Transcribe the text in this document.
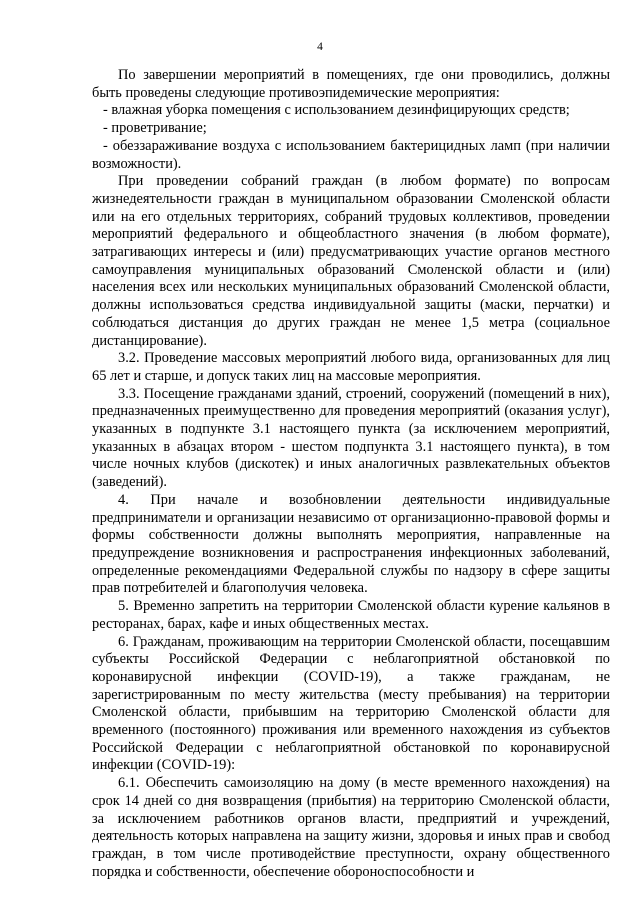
4

По завершении мероприятий в помещениях, где они проводились, должны быть проведены следующие противоэпидемические мероприятия:

- влажная уборка помещения с использованием дезинфицирующих средств;

- проветривание;

- обеззараживание воздуха с использованием бактерицидных ламп (при наличии возможности).

При проведении собраний граждан (в любом формате) по вопросам жизнедеятельности граждан в муниципальном образовании Смоленской области или на его отдельных территориях, собраний трудовых коллективов, проведении мероприятий федерального и общеобластного значения (в любом формате), затрагивающих интересы и (или) предусматривающих участие органов местного самоуправления муниципальных образований Смоленской области и (или) населения всех или нескольких муниципальных образований Смоленской области, должны использоваться средства индивидуальной защиты (маски, перчатки) и соблюдаться дистанция до других граждан не менее 1,5 метра (социальное дистанцирование).

3.2. Проведение массовых мероприятий любого вида, организованных для лиц 65 лет и старше, и допуск таких лиц на массовые мероприятия.

3.3. Посещение гражданами зданий, строений, сооружений (помещений в них), предназначенных преимущественно для проведения мероприятий (оказания услуг), указанных в подпункте 3.1 настоящего пункта (за исключением мероприятий, указанных в абзацах втором - шестом подпункта 3.1 настоящего пункта), в том числе ночных клубов (дискотек) и иных аналогичных развлекательных объектов (заведений).

4. При начале и возобновлении деятельности индивидуальные предприниматели и организации независимо от организационно-правовой формы и формы собственности должны выполнять мероприятия, направленные на предупреждение возникновения и распространения инфекционных заболеваний, определенные рекомендациями Федеральной службы по надзору в сфере защиты прав потребителей и благополучия человека.

5. Временно запретить на территории Смоленской области курение кальянов в ресторанах, барах, кафе и иных общественных местах.

6. Гражданам, проживающим на территории Смоленской области, посещавшим субъекты Российской Федерации с неблагоприятной обстановкой по коронавирусной инфекции (COVID-19), а также гражданам, не зарегистрированным по месту жительства (месту пребывания) на территории Смоленской области, прибывшим на территорию Смоленской области для временного (постоянного) проживания или временного нахождения из субъектов Российской Федерации с неблагоприятной обстановкой по коронавирусной инфекции (COVID-19):

6.1. Обеспечить самоизоляцию на дому (в месте временного нахождения) на срок 14 дней со дня возвращения (прибытия) на территорию Смоленской области, за исключением работников органов власти, предприятий и учреждений, деятельность которых направлена на защиту жизни, здоровья и иных прав и свобод граждан, в том числе противодействие преступности, охрану общественного порядка и собственности, обеспечение обороноспособности и
